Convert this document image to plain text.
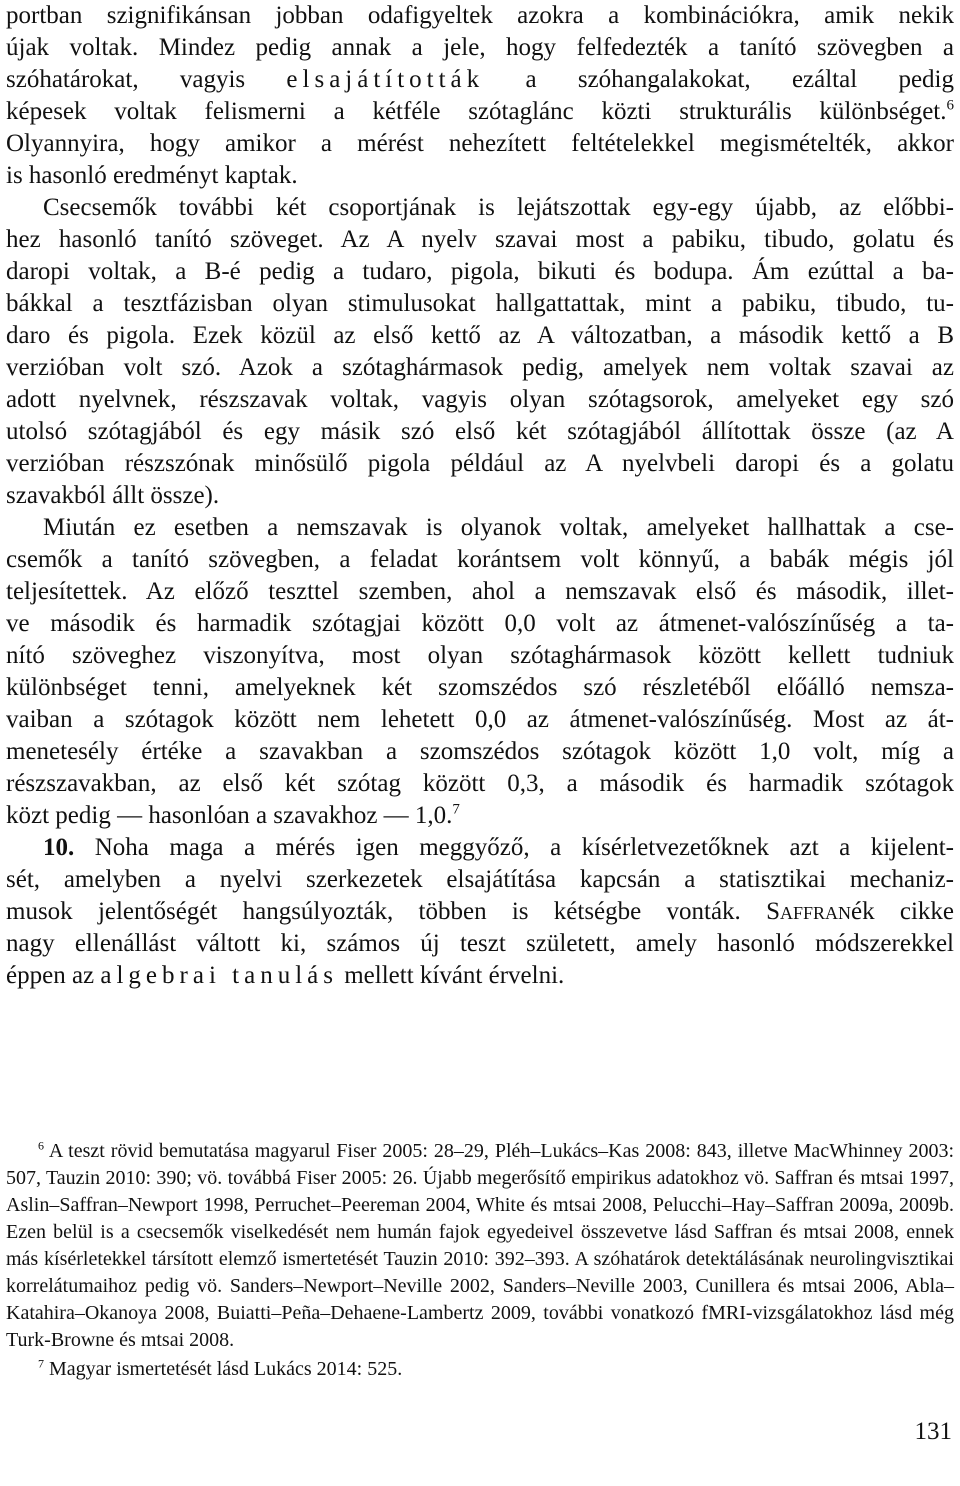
portban szignifikánsan jobban odafigyeltek azokra a kombinációkra, amik nekik
újak voltak. Mindez pedig annak a jele, hogy felfedezték a tanító szövegben a
szóhatárokat, vagyis elsajátították a szóhangalakokat, ezáltal pedig
képesek voltak felismerni a kétféle szótaglánc közti strukturális különbséget.$^6$
Olyannyira, hogy amikor a mérést nehezített feltételekkel megismételték, akkor
is hasonló eredményt kaptak.

Csecsemők további két csoportjának is lejátszottak egy-egy újabb, az előbbi-
hez hasonló tanító szöveget. Az A nyelv szavai most a pabiku, tibudo, golatu és
daropi voltak, a B-é pedig a tudaro, pigola, bikuti és bodupa. Ám ezúttal a ba-
bákkal a tesztfázisban olyan stimulusokat hallgattattak, mint a pabiku, tibudo, tu-
daro és pigola. Ezek közül az első kettő az A változatban, a második kettő a B
verzióban volt szó. Azok a szótaghármasok pedig, amelyek nem voltak szavai az
adott nyelvnek, részszavak voltak, vagyis olyan szótagsorok, amelyeket egy szó
utolsó szótagjából és egy másik szó első két szótagjából állítottak össze (az A
verzióban részszónak minősülő pigola például az A nyelvbeli daropi és a golatu
szavakból állt össze).

Miután ez esetben a nemszavak is olyanok voltak, amelyeket hallhattak a cse-
csemők a tanító szövegben, a feladat korántsem volt könnyű, a babák mégis jól
teljesítettek. Az előző teszttel szemben, ahol a nemszavak első és második, illet-
ve második és harmadik szótagjai között 0,0 volt az átmenet-valószínűség a ta-
nító szöveghez viszonyítva, most olyan szótaghármasok között kellett tudniuk
különbséget tenni, amelyeknek két szomszédos szó részletéből előálló nemsza-
vaiban a szótagok között nem lehetett 0,0 az átmenet-valószínűség. Most az át-
menetesély értéke a szavakban a szomszédos szótagok között 1,0 volt, míg a
részszavakban, az első két szótag között 0,3, a második és harmadik szótagok
közt pedig — hasonlóan a szavakhoz — 1,0.$^7$

10. Noha maga a mérés igen meggyőző, a kísérletvezetőknek azt a kijelent-
sét, amelyben a nyelvi szerkezetek elsajátítása kapcsán a statisztikai mechaniz-
musok jelentőségét hangsúlyozták, többen is kétségbe vonták. Saffranék cikke
nagy ellenállást váltott ki, számos új teszt született, amely hasonló módszerekkel
éppen az algebrai tanulás mellett kívánt érvelni.

$^6$ A teszt rövid bemutatása magyarul Fiser 2005: 28–29, Pléh–Lukács–Kas 2008: 843, illetve MacWhinney 2003: 507, Tauzin 2010: 390; vö. továbbá Fiser 2005: 26. Újabb megerősítő empirikus adatokhoz vö. Saffran és mtsai 1997, Aslin–Saffran–Newport 1998, Perruchet–Peereman 2004, White és mtsai 2008, Pelucchi–Hay–Saffran 2009a, 2009b. Ezen belül is a csecsemők viselkedését nem humán fajok egyedeivel összevetve lásd Saffran és mtsai 2008, ennek más kísérletekkel társított elemző ismertetését Tauzin 2010: 392–393. A szóhatárok detektálásának neurolingvisztikai korrelátumaihoz pedig vö. Sanders–Newport–Neville 2002, Sanders–Neville 2003, Cunillera és mtsai 2006, Abla–Katahira–Okanoya 2008, Buiatti–Peña–Dehaene-Lambertz 2009, további vonatkozó fMRI-vizsgálatokhoz lásd még Turk-Browne és mtsai 2008.

$^7$ Magyar ismertetését lásd Lukács 2014: 525.

131
